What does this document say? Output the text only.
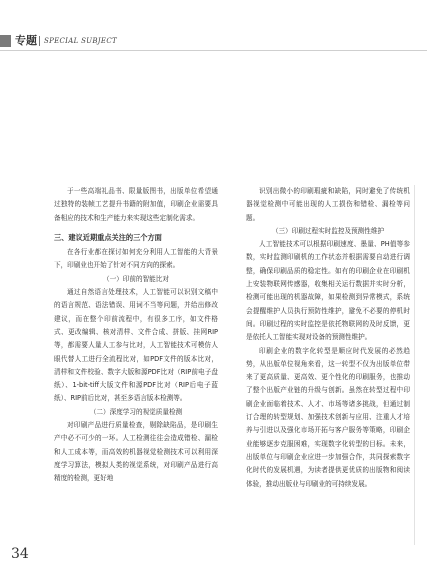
专题 SPECIAL SUBJECT

于一些高端礼品书、限量版图书，出版单位希望通过独特的装帧工艺提升书籍的附加值，印刷企业需要具备相应的技术和生产能力来实现这些定制化需求。

三、建议近期重点关注的三个方面

在各行业都在探讨如何充分利用人工智能的大背景下，印刷业也开始了针对不同方向的探索。

（一）印前的智能比对

通过自然语言处理技术，人工智能可以识别文稿中的语言规范、语法错误、用词不当等问题，并给出修改建议，而在整个印前流程中，有很多工序，如文件格式、更改编辑、核对清样、文件合成、拼版、挂网RIP等，都需要人量人工参与比对，人工智能技术可模仿人眼代替人工进行全流程比对，如PDF文件的版本比对，清样和文件校验、数字大版和源PDF比对（RIP前电子盘纸）、1-bit-tiff大版文件和源PDF比对（RIP后电子蓝纸）、RIP前后比对，甚至多语言版本检测等。

（二）深度学习的视觉质量检测

对印刷产品进行质量检查，剔除缺陷品，是印刷生产中必不可少的一环。人工检测往往会造成错检、漏检和人工成本等，而高效的机器视觉检测技术可以利用深度学习算法，模拟人类的视觉系统，对印刷产品进行高精度的检测，更好地

识别出微小的印刷瑕疵和缺陷，同时避免了传统机器视觉检测中可能出现的人工损伤和错检、漏检等问题。

（三）印刷过程实时监控及预测性维护

人工智能技术可以根据印刷速度、墨量、PH值等参数，实时监测印刷机的工作状态并根据需要自动进行调整，确保印刷品质的稳定性。如有的印刷企业在印刷机上安装物联网传感器，收集相关运行数据并实时分析，检测可能出现的机器故障，如果检测到异常模式，系统会提醒维护人员执行预防性维护，避免不必要的停机时间。印刷过程的实时监控是依托物联网的及时反馈，更是依托人工智能实现对设备的预测性维护。

印刷企业的数字化转型是顺应时代发展的必然趋势，从出版单位视角来看，这一转型不仅为出版单位带来了更高质量、更高效、更个性化的印刷服务，也推动了整个出版产业链的升级与创新。虽然在转型过程中印刷企业面临着技术、人才、市场等诸多挑战，但通过制订合理的转型规划、加强技术创新与应用、注重人才培养与引进以及强化市场开拓与客户服务等策略，印刷企业能够逐步克服困难，实现数字化转型的目标。未来，出版单位与印刷企业应进一步加强合作，共同探索数字化时代的发展机遇，为读者提供更优质的出版物和阅读体验，推动出版业与印刷业的可持续发展。

34
